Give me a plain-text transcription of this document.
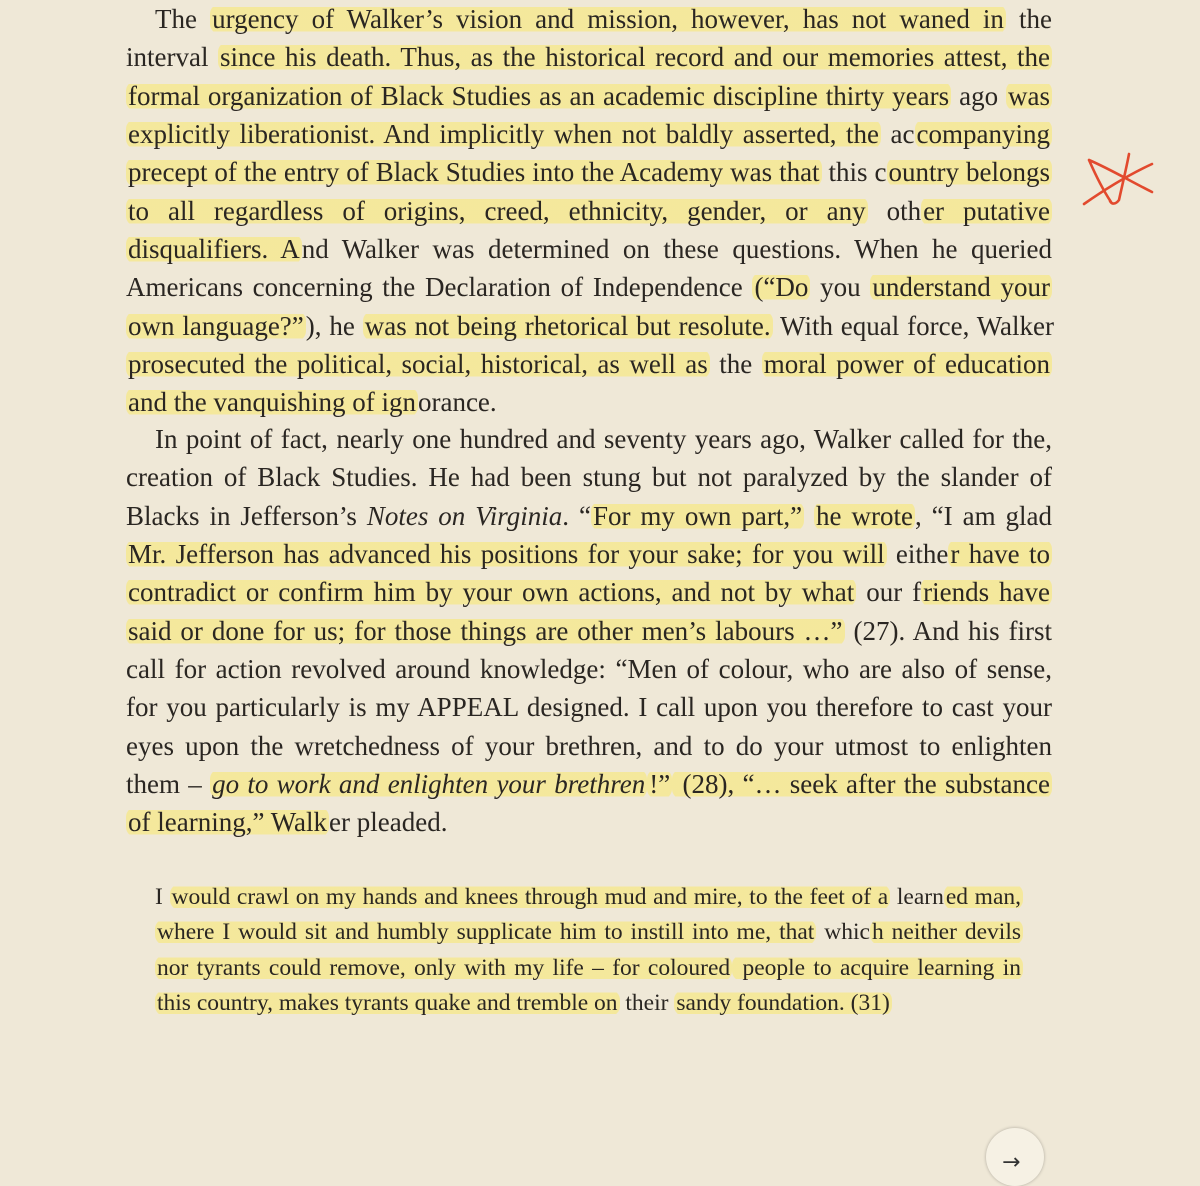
The urgency of Walker’s vision and mission, however, has not waned in the interval since his death. Thus, as the historical record and our memories attest, the formal organization of Black Studies as an academic discipline thirty years ago was explicitly liberationist. And implicitly when not baldly asserted, the accompanying precept of the entry of Black Studies into the Academy was that this country belongs to all regardless of origins, creed, ethnicity, gender, or any other putative disqualifiers. And Walker was determined on these questions. When he queried Americans concerning the Declaration of Independence (“Do you understand your own language?”), he was not being rhetorical but resolute. With equal force, Walker prosecuted the political, social, historical, as well as the moral power of education and the vanquishing of ignorance.

In point of fact, nearly one hundred and seventy years ago, Walker called for the, creation of Black Studies. He had been stung but not paralyzed by the slander of Blacks in Jefferson’s Notes on Virginia. “For my own part,” he wrote, “I am glad Mr. Jefferson has advanced his positions for your sake; for you will either have to contradict or confirm him by your own actions, and not by what our friends have said or done for us; for those things are other men’s labours …” (27). And his first call for action revolved around knowledge: “Men of colour, who are also of sense, for you particularly is my APPEAL designed. I call upon you therefore to cast your eyes upon the wretchedness of your brethren, and to do your utmost to enlighten them – go to work and enlighten your brethren !” (28), “… seek after the substance of learning,” Walker pleaded.

I would crawl on my hands and knees through mud and mire, to the feet of a learned man, where I would sit and humbly supplicate him to instill into me, that which neither devils nor tyrants could remove, only with my life – for coloured people to acquire learning in this country, makes tyrants quake and tremble on their sandy foundation. (31)

→
